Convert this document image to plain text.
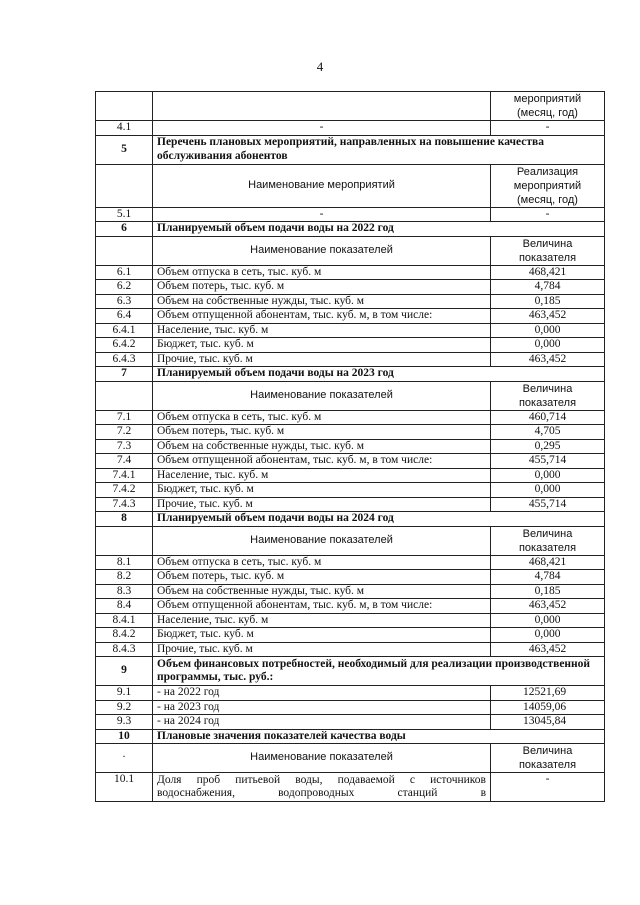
4
		мероприятий (месяц, год)
4.1	-	-
5	Перечень плановых мероприятий, направленных на повышение качества обслуживания абонентов	
	Наименование мероприятий	Реализация мероприятий (месяц, год)
5.1	-	-
6	Планируемый объем подачи воды на 2022 год	
	Наименование показателей	Величина показателя
6.1	Объем отпуска в сеть, тыс. куб. м	468,421
6.2	Объем потерь, тыс. куб. м	4,784
6.3	Объем на собственные нужды, тыс. куб. м	0,185
6.4	Объем отпущенной абонентам, тыс. куб. м, в том числе:	463,452
6.4.1	Население, тыс. куб. м	0,000
6.4.2	Бюджет, тыс. куб. м	0,000
6.4.3	Прочие, тыс. куб. м	463,452
7	Планируемый объем подачи воды на 2023 год	
	Наименование показателей	Величина показателя
7.1	Объем отпуска в сеть, тыс. куб. м	460,714
7.2	Объем потерь, тыс. куб. м	4,705
7.3	Объем на собственные нужды, тыс. куб. м	0,295
7.4	Объем отпущенной абонентам, тыс. куб. м, в том числе:	455,714
7.4.1	Население, тыс. куб. м	0,000
7.4.2	Бюджет, тыс. куб. м	0,000
7.4.3	Прочие, тыс. куб. м	455,714
8	Планируемый объем подачи воды на 2024 год	
	Наименование показателей	Величина показателя
8.1	Объем отпуска в сеть, тыс. куб. м	468,421
8.2	Объем потерь, тыс. куб. м	4,784
8.3	Объем на собственные нужды, тыс. куб. м	0,185
8.4	Объем отпущенной абонентам, тыс. куб. м, в том числе:	463,452
8.4.1	Население, тыс. куб. м	0,000
8.4.2	Бюджет, тыс. куб. м	0,000
8.4.3	Прочие, тыс. куб. м	463,452
9	Объем финансовых потребностей, необходимый для реализации производственной программы, тыс. руб.:	
9.1	- на 2022 год	12521,69
9.2	- на 2023 год	14059,06
9.3	- на 2024 год	13045,84
10	Плановые значения показателей качества воды	
·	Наименование показателей	Величина показателя
10.1	Доля проб питьевой воды, подаваемой с источников водоснабжения, водопроводных станций в	-
